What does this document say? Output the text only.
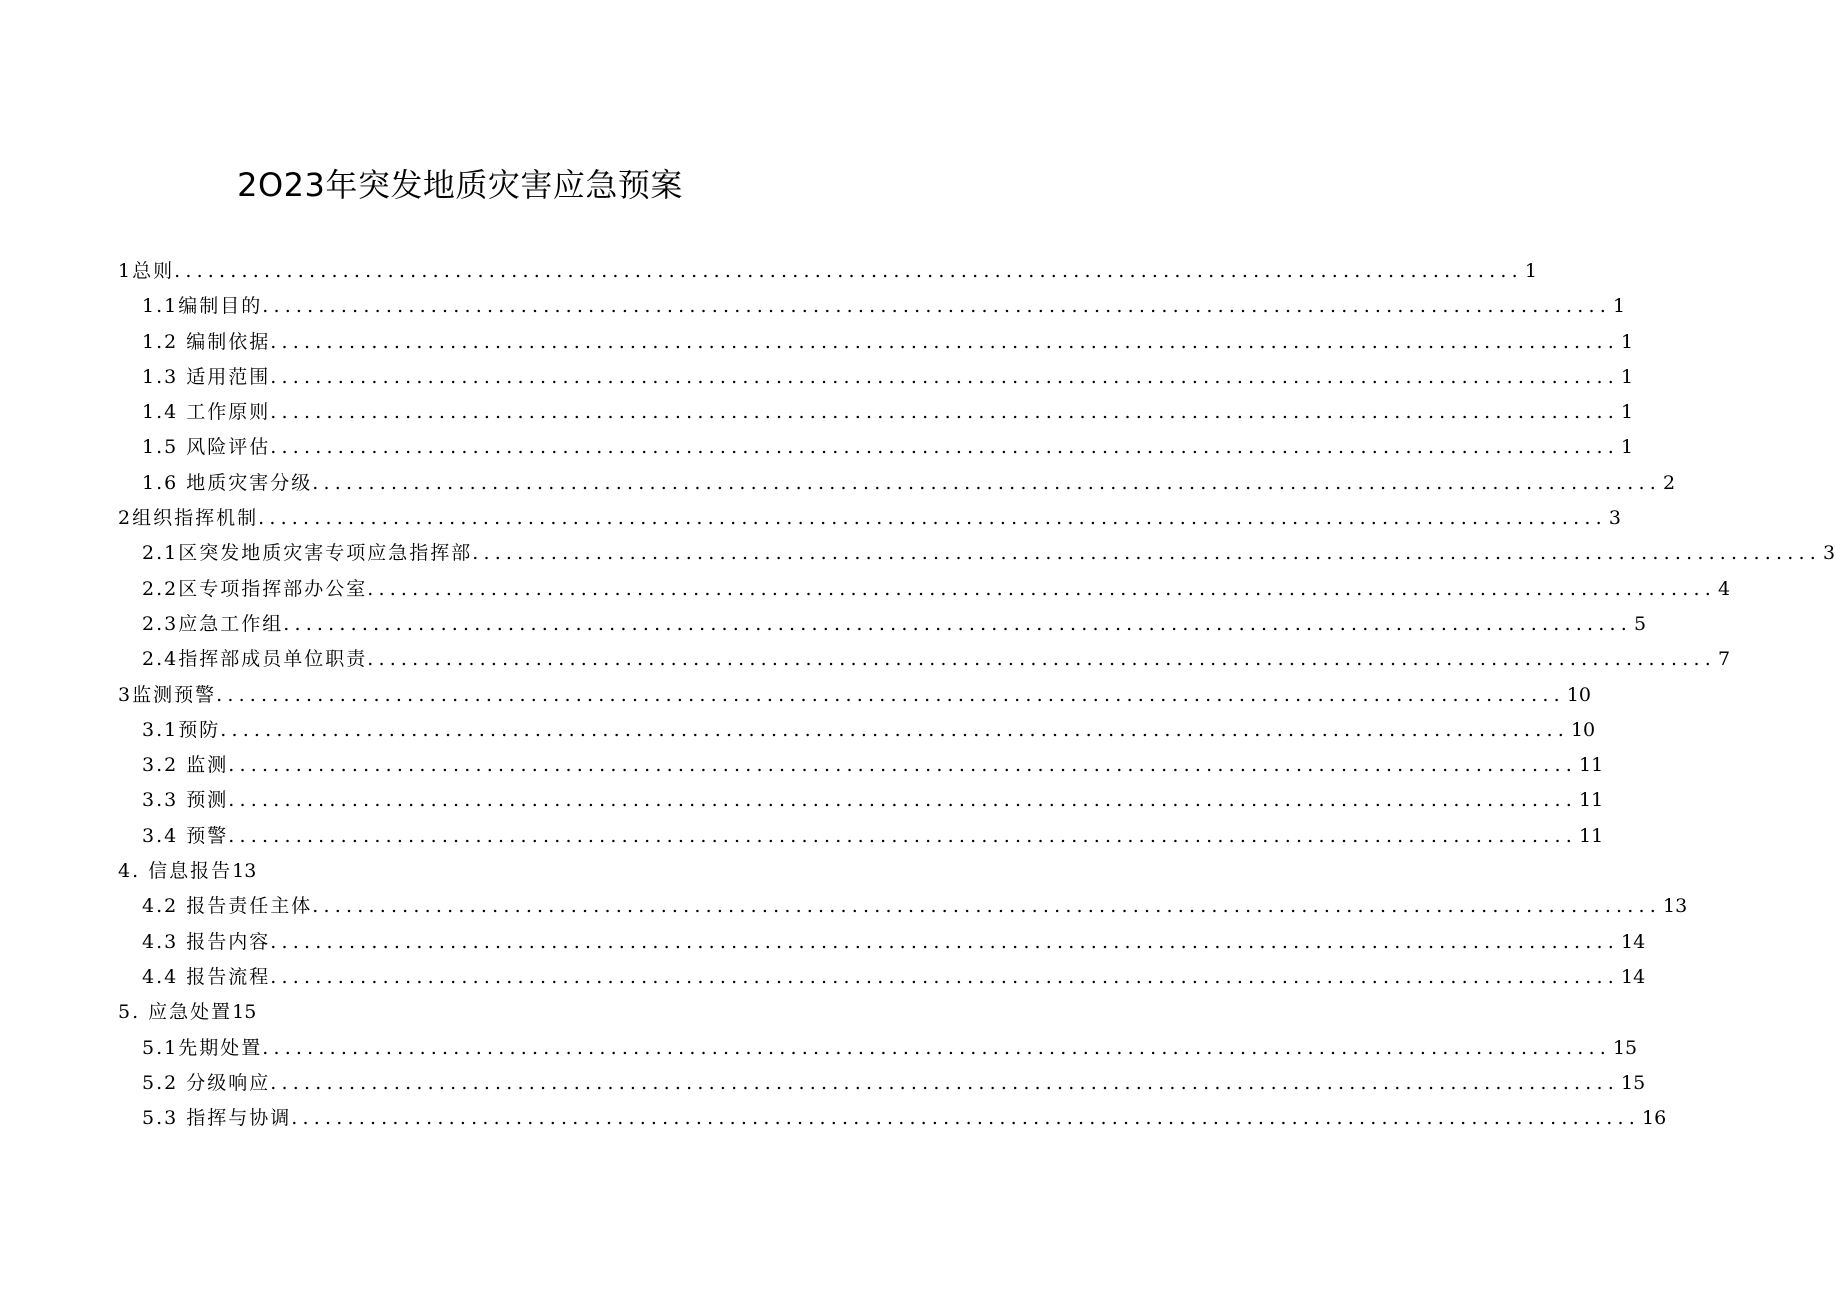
2O23年突发地质灾害应急预案
1总则 ........................................................................................................................ 1
1.1编制目的 ........................................................................................................................ 1
1.2 编制依据 ........................................................................................................................ 1
1.3 适用范围 ........................................................................................................................ 1
1.4 工作原则 ........................................................................................................................ 1
1.5 风险评估 ........................................................................................................................ 1
1.6 地质灾害分级 ........................................................................................................................ 2
2组织指挥机制 ........................................................................................................................ 3
2.1区突发地质灾害专项应急指挥部 ........................................................................................................................ 3
2.2区专项指挥部办公室 ........................................................................................................................ 4
2.3应急工作组 ........................................................................................................................ 5
2.4指挥部成员单位职责 ........................................................................................................................ 7
3监测预警 ........................................................................................................................ 10
3.1预防 ........................................................................................................................ 10
3.2 监测 ........................................................................................................................ 11
3.3 预测 ........................................................................................................................ 11
3.4 预警 ........................................................................................................................ 11
4. 信息报告 13
4.2 报告责任主体 ........................................................................................................................ 13
4.3 报告内容 ........................................................................................................................ 14
4.4 报告流程 ........................................................................................................................ 14
5. 应急处置 15
5.1先期处置 ........................................................................................................................ 15
5.2 分级响应 ........................................................................................................................ 15
5.3 指挥与协调 ........................................................................................................................ 16
